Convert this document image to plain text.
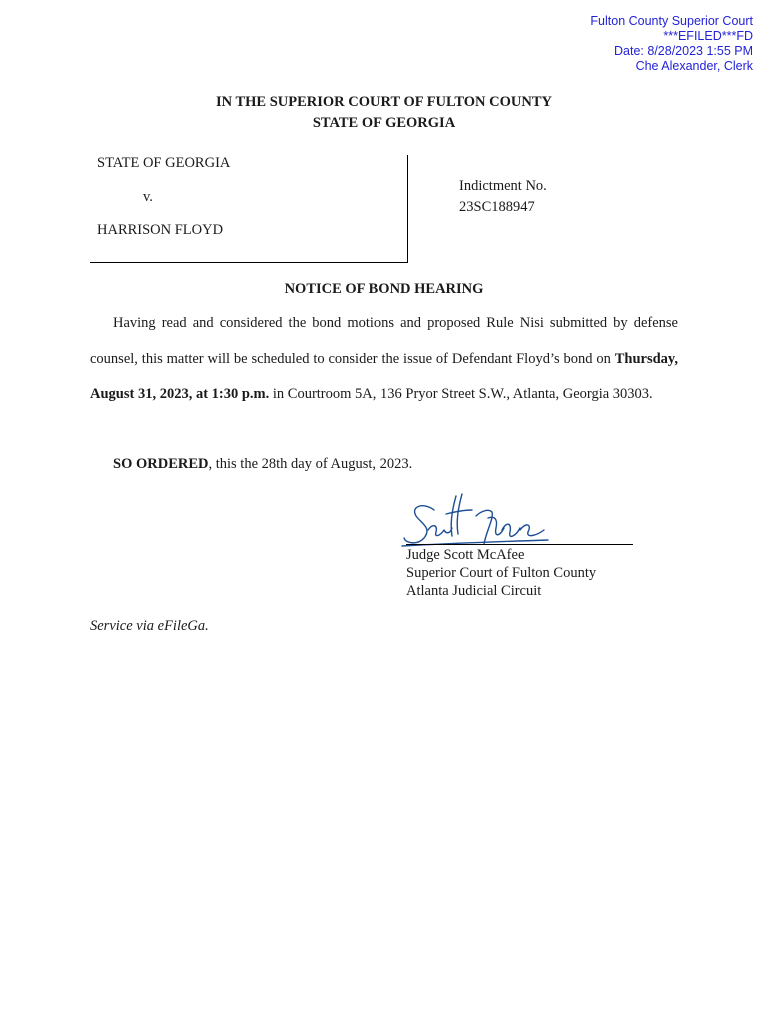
Fulton County Superior Court
***EFILED***FD
Date: 8/28/2023 1:55 PM
Che Alexander, Clerk
IN THE SUPERIOR COURT OF FULTON COUNTY
STATE OF GEORGIA
STATE OF GEORGIA
v.
HARRISON FLOYD
Indictment No.
23SC188947
NOTICE OF BOND HEARING
Having read and considered the bond motions and proposed Rule Nisi submitted by defense counsel, this matter will be scheduled to consider the issue of Defendant Floyd’s bond on Thursday, August 31, 2023, at 1:30 p.m. in Courtroom 5A, 136 Pryor Street S.W., Atlanta, Georgia 30303.
SO ORDERED, this the 28th day of August, 2023.
Judge Scott McAfee
Superior Court of Fulton County
Atlanta Judicial Circuit
Service via eFileGa.
